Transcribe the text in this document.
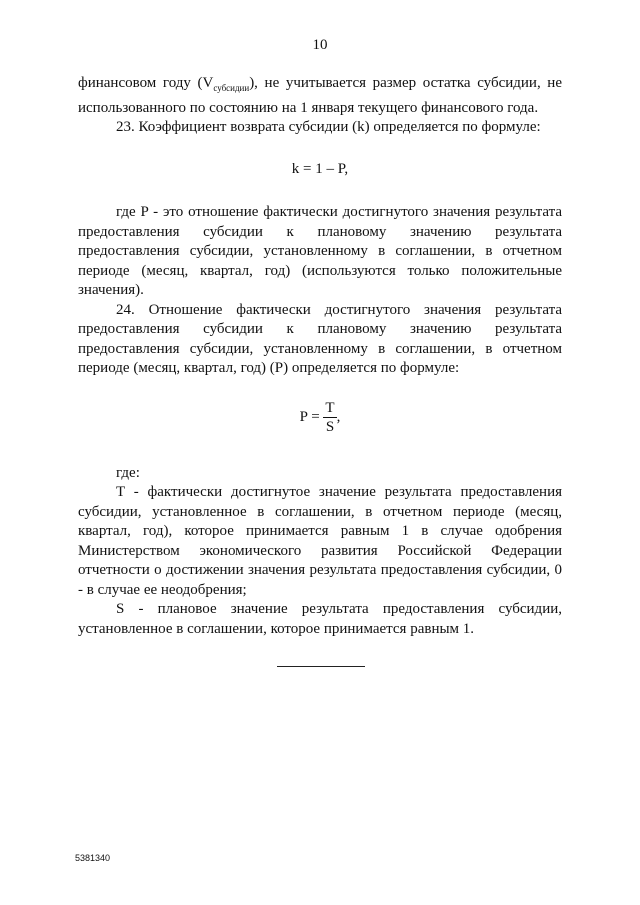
10

финансовом году $(V_{субсидии})$, не учитывается размер остатка субсидии, не использованного по состоянию на 1 января текущего финансового года.

23. Коэффициент возврата субсидии (k) определяется по формуле:

k = 1 – P,

где P - это отношение фактически достигнутого значения результата предоставления субсидии к плановому значению результата предоставления субсидии, установленному в соглашении, в отчетном периоде (месяц, квартал, год) (используются только положительные значения).

24. Отношение фактически достигнутого значения результата предоставления субсидии к плановому значению результата предоставления субсидии, установленному в соглашении, в отчетном периоде (месяц, квартал, год) (P) определяется по формуле:

$P = \frac{T}{S}$ ,

где:

T - фактически достигнутое значение результата предоставления субсидии, установленное в соглашении, в отчетном периоде (месяц, квартал, год), которое принимается равным 1 в случае одобрения Министерством экономического развития Российской Федерации отчетности о достижении значения результата предоставления субсидии, 0 - в случае ее неодобрения;

S - плановое значение результата предоставления субсидии, установленное в соглашении, которое принимается равным 1.

5381340
